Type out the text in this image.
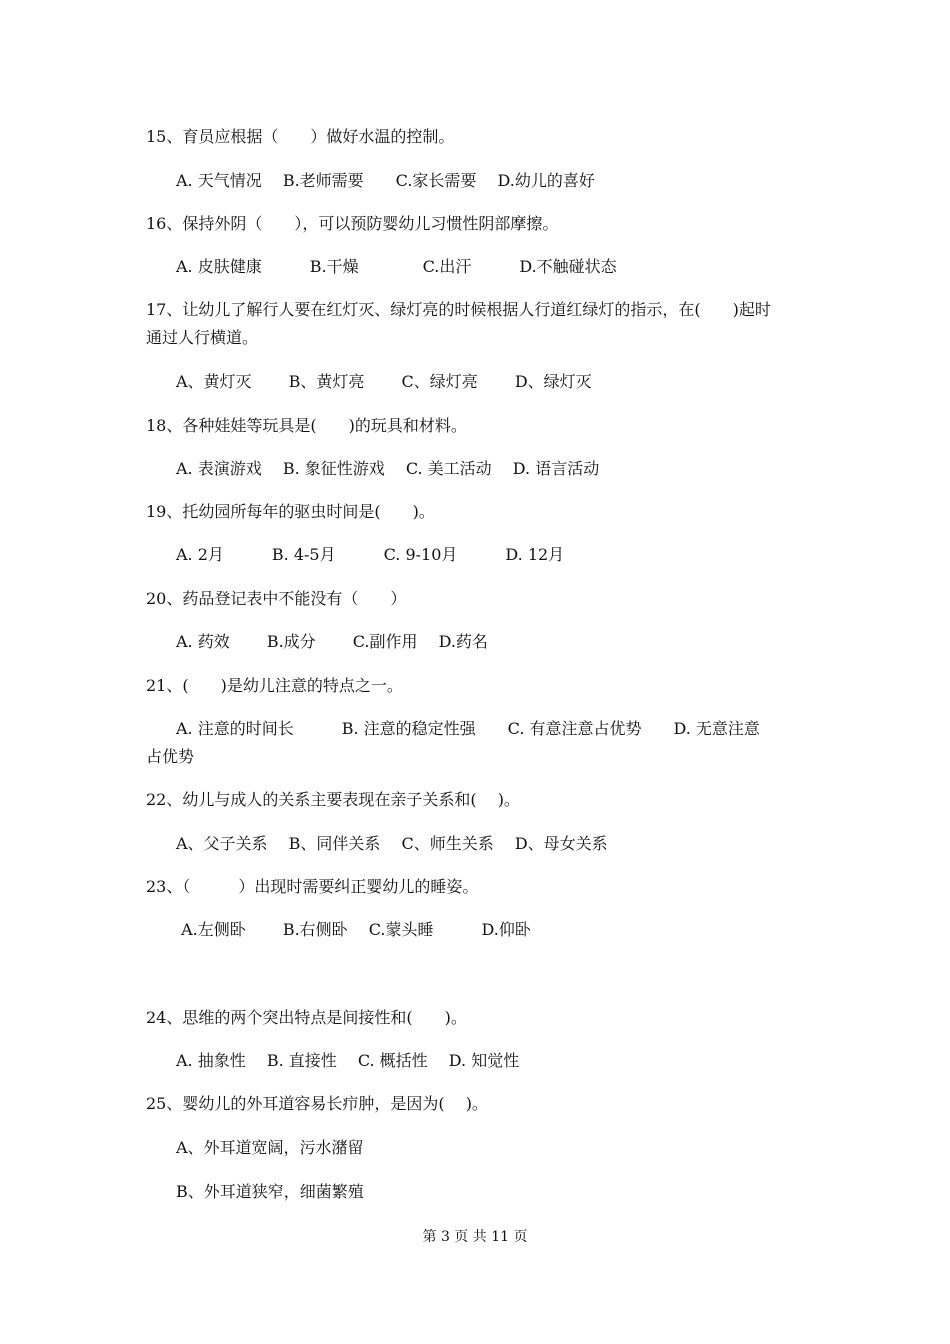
15、育员应根据（　　）做好水温的控制。
A. 天气情况　 B.老师需要　　C.家长需要　 D.幼儿的喜好
16、保持外阴（　　），可以预防婴幼儿习惯性阴部摩擦。
A. 皮肤健康　　　B.干燥　　　　C.出汗　　　D.不触碰状态
17、让幼儿了解行人要在红灯灭、绿灯亮的时候根据人行道红绿灯的指示，在(　　)起时
通过人行横道。
A、黄灯灭　　 B、黄灯亮　　 C、绿灯亮　　 D、绿灯灭
18、各种娃娃等玩具是(　　)的玩具和材料。
A. 表演游戏　 B. 象征性游戏　 C. 美工活动　 D. 语言活动
19、托幼园所每年的驱虫时间是(　　)。
A. 2月　　　B. 4-5月　　　C. 9-10月　　　D. 12月
20、药品登记表中不能没有（　　）
A. 药效　　 B.成分　　 C.副作用　 D.药名
21、(　　)是幼儿注意的特点之一。
A. 注意的时间长　　　B. 注意的稳定性强　　C. 有意注意占优势　　D. 无意注意
占优势
22、幼儿与成人的关系主要表现在亲子关系和(　 )。
A、父子关系　 B、同伴关系　 C、师生关系　 D、母女关系
23、（　　　）出现时需要纠正婴幼儿的睡姿。
A.左侧卧　　 B.右侧卧　 C.蒙头睡　　　D.仰卧
24、思维的两个突出特点是间接性和(　　)。
A. 抽象性　 B. 直接性　 C. 概括性　 D. 知觉性
25、婴幼儿的外耳道容易长疖肿，是因为(　 )。
A、外耳道宽阔，污水潴留
B、外耳道狭窄，细菌繁殖
第 3 页 共 11 页
